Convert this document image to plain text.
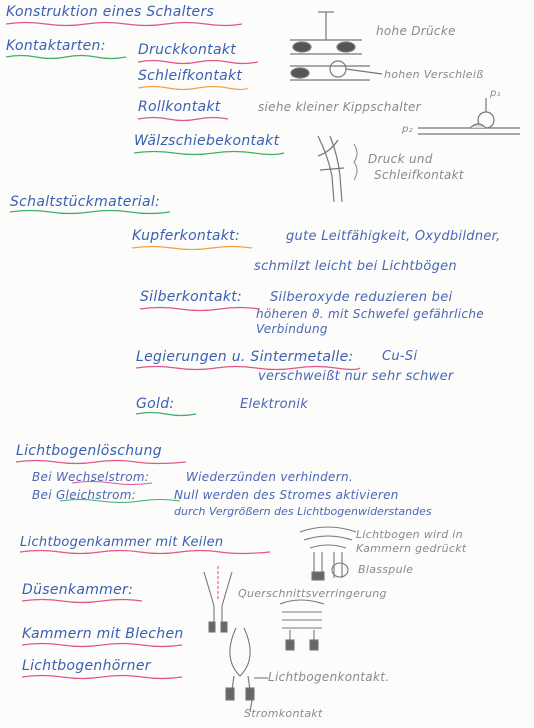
Konstruktion eines Schalters
Kontaktarten: Druckkontakt
Schleifkontakt
Rollkontakt
Wälzschiebekontakt
hohe Drücke
hohen Verschleiß
siehe kleiner Kippschalter
p₁
p₂
Druck und
Schleifkontakt
Schaltstückmaterial:
Kupferkontakt:	gute Leitfähigkeit, Oxydbildner,
schmilzt leicht bei Lichtbögen
Silberkontakt: Silberoxyde reduzieren bei
höheren ϑ. mit Schwefel gefährliche
Verbindung
Legierungen u. Sintermetalle: Cu-Si
verschweißt nur sehr schwer
Gold:	Elektronik
Lichtbogenlöschung
Bei Wechselstrom:	Wiederzünden verhindern.
Bei Gleichstrom:	Null werden des Stromes aktivieren
durch Vergrößern des Lichtbogenwiderstandes
Lichtbogenkammer mit Keilen
Lichtbogen wird in
Kammern gedrückt
Blasspule
Düsenkammer:	Querschnittsverringerung
Kammern mit Blechen
Lichtbogenhörner
Lichtbogenkontakt.
Stromkontakt
